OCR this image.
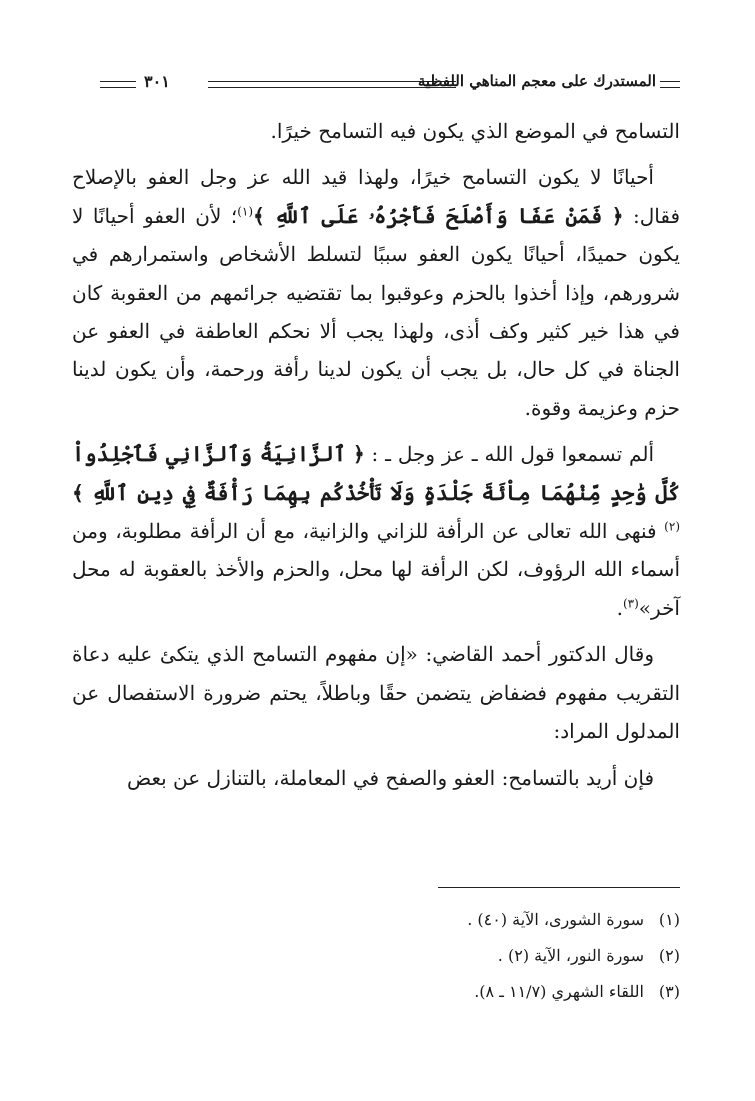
٣٠١	المستدرك على معجم المناهي اللفظية

التسامح في الموضع الذي يكون فيه التسامح خيرًا.

أحيانًا لا يكون التسامح خيرًا، ولهذا قيد الله عز وجل العفو بالإصلاح فقال: ﴿ فَمَنْ عَفَا وَأَصْلَحَ فَأَجْرُهُۥ عَلَى ٱللَّهِ ﴾$^{(١)}$؛ لأن العفو أحيانًا لا يكون حميدًا، أحيانًا يكون العفو سببًا لتسلط الأشخاص واستمرارهم في شرورهم، وإذا أخذوا بالحزم وعوقبوا بما تقتضيه جرائمهم من العقوبة كان في هذا خير كثير وكف أذى، ولهذا يجب ألا نحكم العاطفة في العفو عن الجناة في كل حال، بل يجب أن يكون لدينا رأفة ورحمة، وأن يكون لدينا حزم وعزيمة وقوة.

ألم تسمعوا قول الله ـ عز وجل ـ : ﴿ ٱلزَّانِيَةُ وَٱلزَّانِي فَٱجْلِدُواْ كُلَّ وَٰحِدٍ مِّنْهُمَا مِاْئَةَ جَلْدَةٍ وَلَا تَأْخُذْكُم بِهِمَا رَأْفَةٌ فِي دِينِ ٱللَّهِ ﴾ $^{(٢)}$ فنهى الله تعالى عن الرأفة للزاني والزانية، مع أن الرأفة مطلوبة، ومن أسماء الله الرؤوف، لكن الرأفة لها محل، والحزم والأخذ بالعقوبة له محل آخر»$^{(٣)}$.

وقال الدكتور أحمد القاضي: «إن مفهوم التسامح الذي يتكئ عليه دعاة التقريب مفهوم فضفاض يتضمن حقًا وباطلاً، يحتم ضرورة الاستفصال عن المدلول المراد:

فإن أريد بالتسامح: العفو والصفح في المعاملة، بالتنازل عن بعض

(١)سورة الشورى، الآية (٤٠) .
(٢)سورة النور، الآية (٢) .
(٣)اللقاء الشهري (١١/٧ ـ ٨).
